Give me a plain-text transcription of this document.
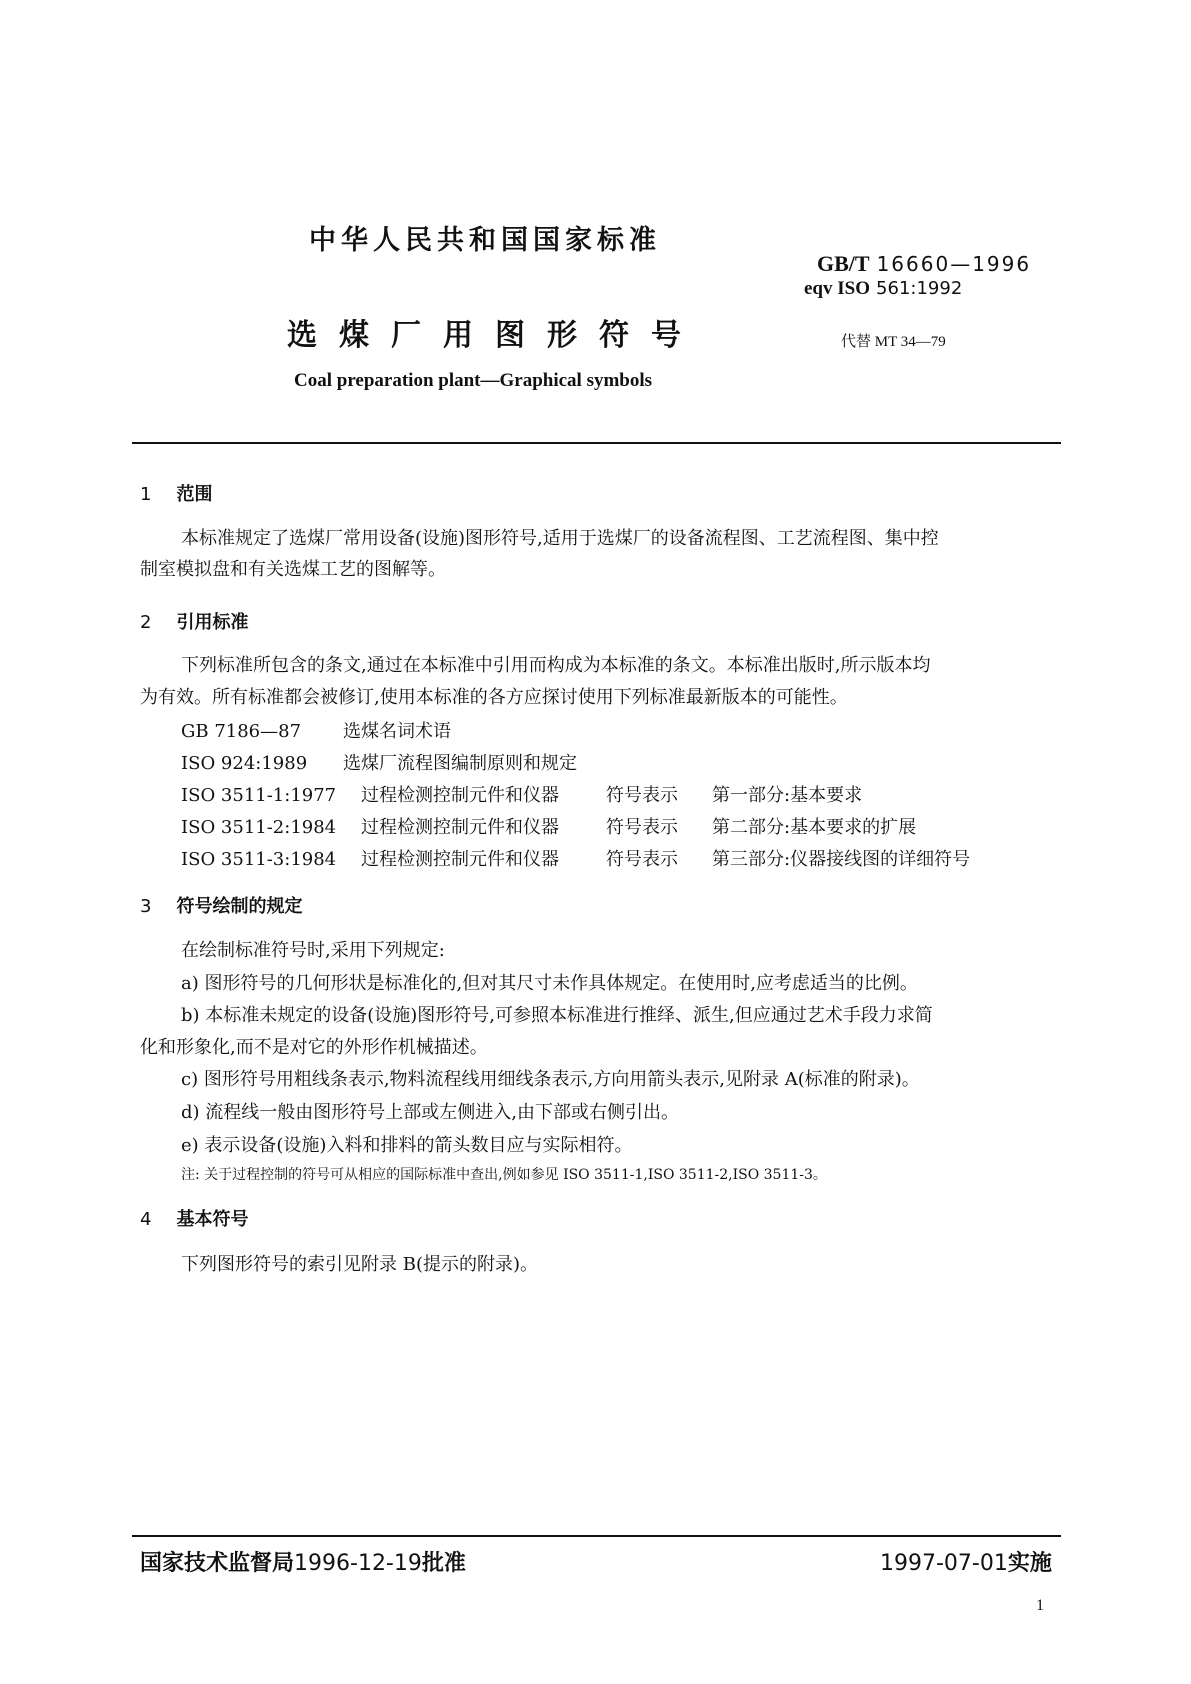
中华人民共和国国家标准
GB/T 16660—1996
eqv ISO 561:1992
选煤厂用图形符号	代替 MT 34—79
Coal preparation plant—Graphical symbols
1 范围
本标准规定了选煤厂常用设备(设施)图形符号,适用于选煤厂的设备流程图、工艺流程图、集中控
制室模拟盘和有关选煤工艺的图解等。
2 引用标准
下列标准所包含的条文,通过在本标准中引用而构成为本标准的条文。本标准出版时,所示版本均
为有效。所有标准都会被修订,使用本标准的各方应探讨使用下列标准最新版本的可能性。
GB 7186—87 选煤名词术语
ISO 924:1989 选煤厂流程图编制原则和规定
ISO 3511-1:1977 过程检测控制元件和仪器	符号表示 第一部分:基本要求
ISO 3511-2:1984 过程检测控制元件和仪器	符号表示 第二部分:基本要求的扩展
ISO 3511-3:1984 过程检测控制元件和仪器	符号表示 第三部分:仪器接线图的详细符号
3 符号绘制的规定
在绘制标准符号时,采用下列规定:
a) 图形符号的几何形状是标准化的,但对其尺寸未作具体规定。在使用时,应考虑适当的比例。
b) 本标准未规定的设备(设施)图形符号,可参照本标准进行推绎、派生,但应通过艺术手段力求简
化和形象化,而不是对它的外形作机械描述。
c) 图形符号用粗线条表示,物料流程线用细线条表示,方向用箭头表示,见附录 A(标准的附录)。
d) 流程线一般由图形符号上部或左侧进入,由下部或右侧引出。
e) 表示设备(设施)入料和排料的箭头数目应与实际相符。
注: 关于过程控制的符号可从相应的国际标准中查出,例如参见 ISO 3511-1,ISO 3511-2,ISO 3511-3。
4 基本符号
下列图形符号的索引见附录 B(提示的附录)。
国家技术监督局1996-12-19批准	1997-07-01实施
1
